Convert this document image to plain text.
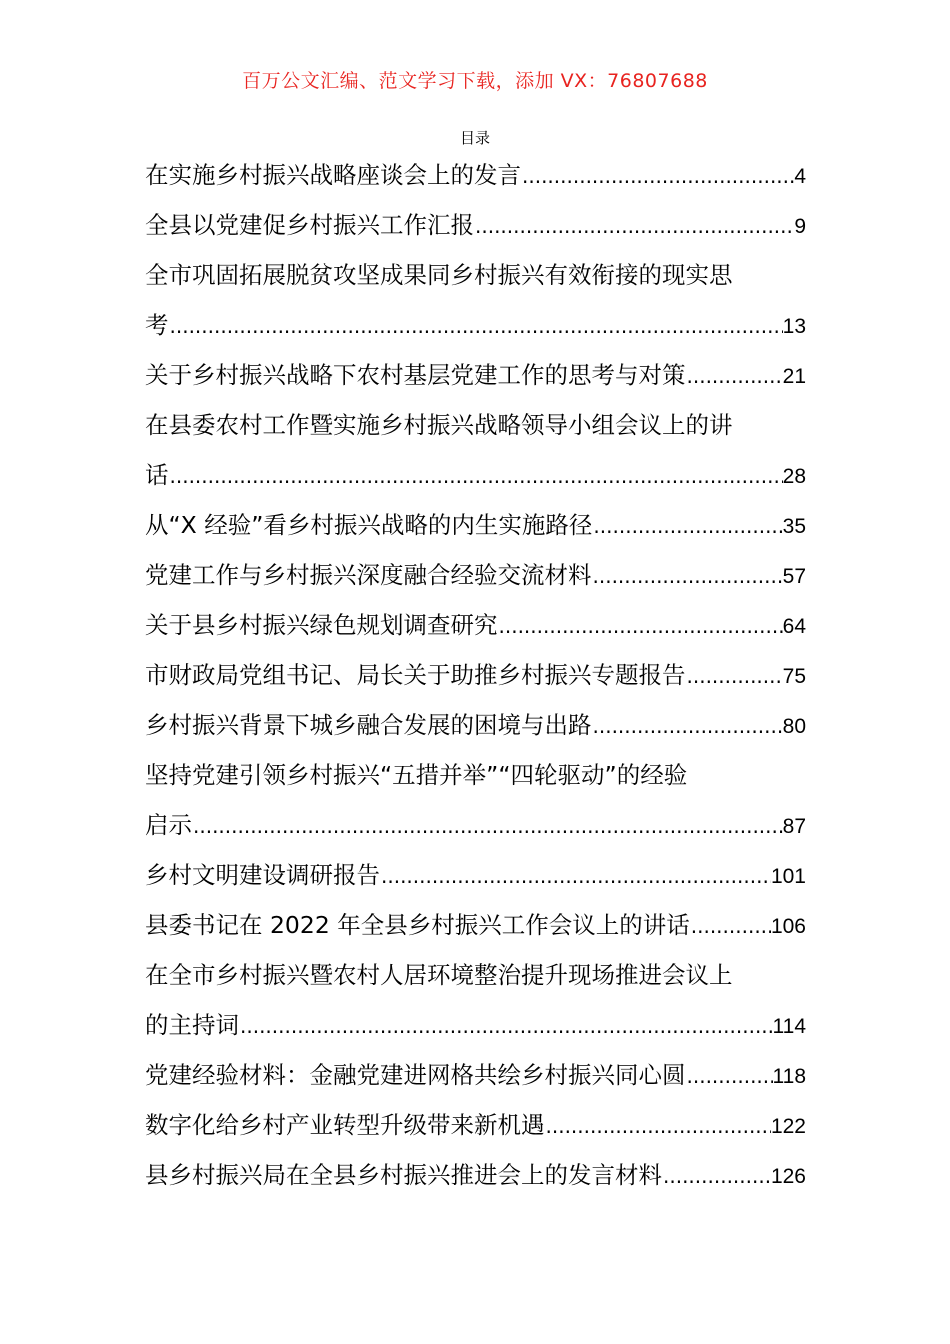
百万公文汇编、范文学习下载，添加 VX：76807688
目录
在实施乡村振兴战略座谈会上的发言 .....	4
全县以党建促乡村振兴工作汇报 .....	9
全市巩固拓展脱贫攻坚成果同乡村振兴有效衔接的现实思
考 .....	13
关于乡村振兴战略下农村基层党建工作的思考与对策 .....	21
在县委农村工作暨实施乡村振兴战略领导小组会议上的讲
话 .....	28
从“X 经验”看乡村振兴战略的内生实施路径 .....	35
党建工作与乡村振兴深度融合经验交流材料 .....	57
关于县乡村振兴绿色规划调查研究 .....	64
市财政局党组书记、局长关于助推乡村振兴专题报告 .....	75
乡村振兴背景下城乡融合发展的困境与出路 .....	80
坚持党建引领乡村振兴“五措并举”“四轮驱动”的经验
启示 .....	87
乡村文明建设调研报告 .....	101
县委书记在 2022 年全县乡村振兴工作会议上的讲话 .....	106
在全市乡村振兴暨农村人居环境整治提升现场推进会议上
的主持词 .....	114
党建经验材料：金融党建进网格共绘乡村振兴同心圆 .....	118
数字化给乡村产业转型升级带来新机遇 .....	122
县乡村振兴局在全县乡村振兴推进会上的发言材料 .....	126
